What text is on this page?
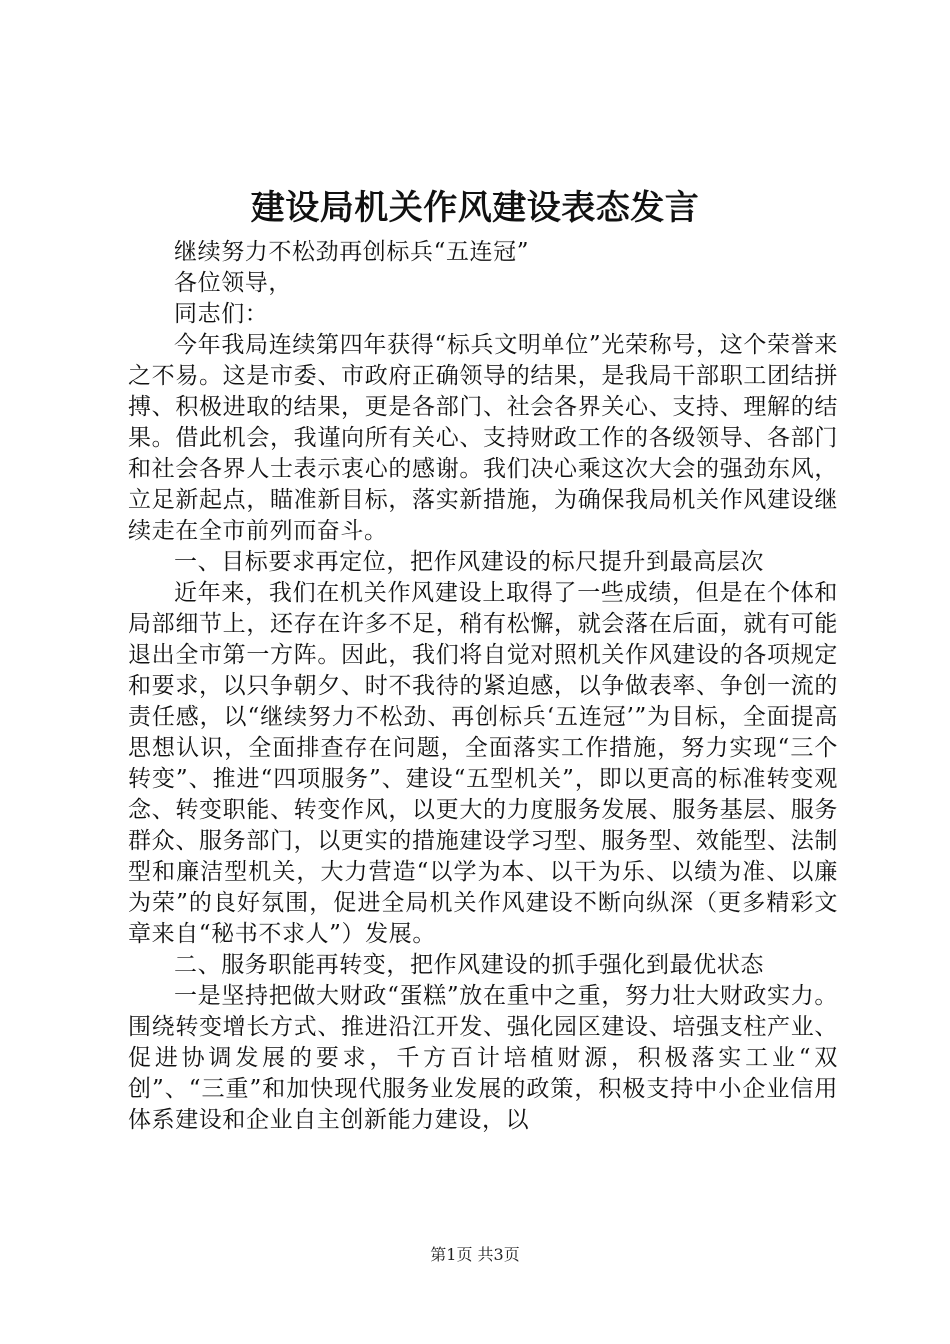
建设局机关作风建设表态发言

继续努力不松劲再创标兵“五连冠”

各位领导，

同志们：

今年我局连续第四年获得“标兵文明单位”光荣称号，这个荣誉来之不易。这是市委、市政府正确领导的结果，是我局干部职工团结拼搏、积极进取的结果，更是各部门、社会各界关心、支持、理解的结果。借此机会，我谨向所有关心、支持财政工作的各级领导、各部门和社会各界人士表示衷心的感谢。我们决心乘这次大会的强劲东风，立足新起点，瞄准新目标，落实新措施，为确保我局机关作风建设继续走在全市前列而奋斗。

一、目标要求再定位，把作风建设的标尺提升到最高层次

近年来，我们在机关作风建设上取得了一些成绩，但是在个体和局部细节上，还存在许多不足，稍有松懈，就会落在后面，就有可能退出全市第一方阵。因此，我们将自觉对照机关作风建设的各项规定和要求，以只争朝夕、时不我待的紧迫感，以争做表率、争创一流的责任感，以“继续努力不松劲、再创标兵‘五连冠’”为目标，全面提高思想认识，全面排查存在问题，全面落实工作措施，努力实现“三个转变”、推进“四项服务”、建设“五型机关”，即以更高的标准转变观念、转变职能、转变作风，以更大的力度服务发展、服务基层、服务群众、服务部门，以更实的措施建设学习型、服务型、效能型、法制型和廉洁型机关，大力营造“以学为本、以干为乐、以绩为准、以廉为荣”的良好氛围，促进全局机关作风建设不断向纵深（更多精彩文章来自“秘书不求人”）发展。

二、服务职能再转变，把作风建设的抓手强化到最优状态

一是坚持把做大财政“蛋糕”放在重中之重，努力壮大财政实力。围绕转变增长方式、推进沿江开发、强化园区建设、培强支柱产业、促进协调发展的要求，千方百计培植财源，积极落实工业“双创”、“三重”和加快现代服务业发展的政策，积极支持中小企业信用体系建设和企业自主创新能力建设，以

第1页 共3页
